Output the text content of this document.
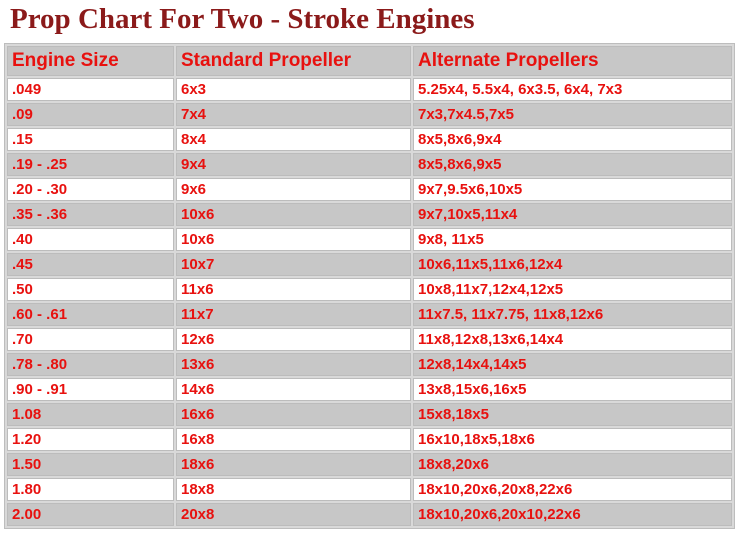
Prop Chart For Two - Stroke Engines
Engine Size	Standard Propeller	Alternate Propellers
.049	6x3	5.25x4, 5.5x4, 6x3.5, 6x4, 7x3
.09	7x4	7x3,7x4.5,7x5
.15	8x4	8x5,8x6,9x4
.19 - .25	9x4	8x5,8x6,9x5
.20 - .30	9x6	9x7,9.5x6,10x5
.35 - .36	10x6	9x7,10x5,11x4
.40	10x6	9x8, 11x5
.45	10x7	10x6,11x5,11x6,12x4
.50	11x6	10x8,11x7,12x4,12x5
.60 - .61	11x7	11x7.5, 11x7.75, 11x8,12x6
.70	12x6	11x8,12x8,13x6,14x4
.78 - .80	13x6	12x8,14x4,14x5
.90 - .91	14x6	13x8,15x6,16x5
1.08	16x6	15x8,18x5
1.20	16x8	16x10,18x5,18x6
1.50	18x6	18x8,20x6
1.80	18x8	18x10,20x6,20x8,22x6
2.00	20x8	18x10,20x6,20x10,22x6
